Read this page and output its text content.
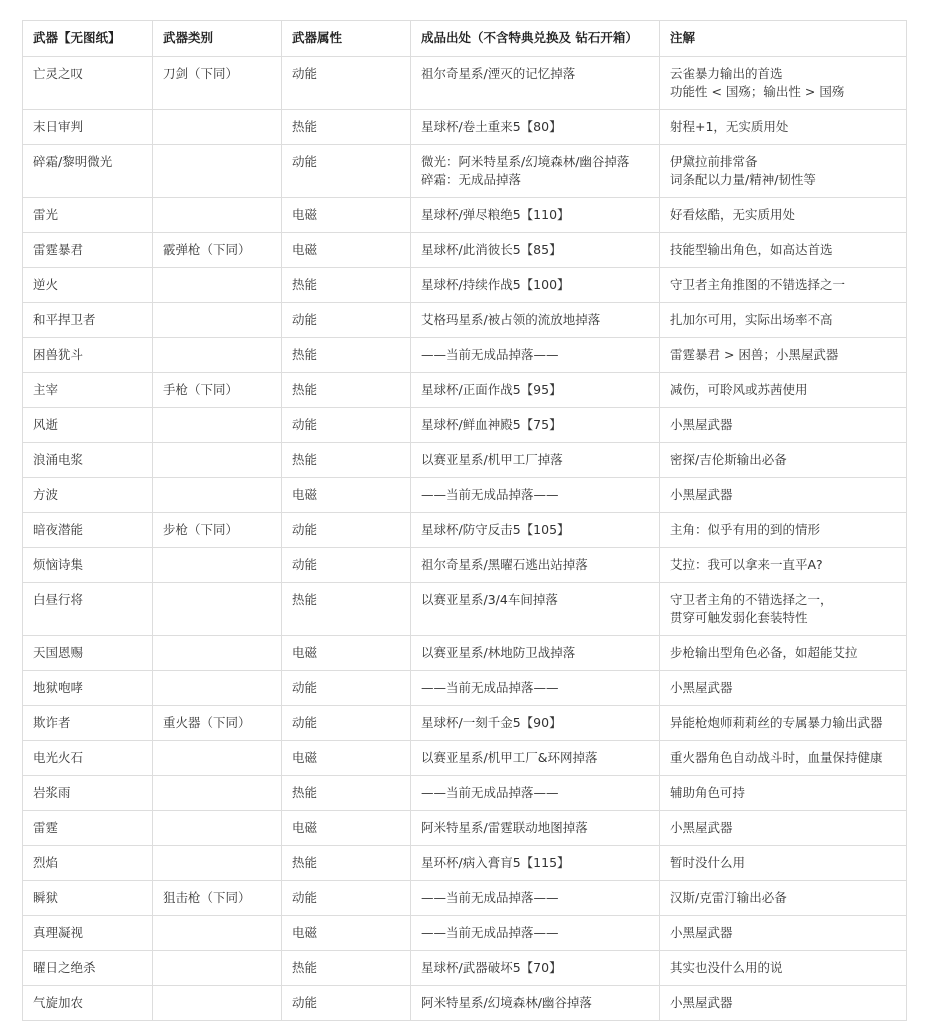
武器【无图纸】	武器类别	武器属性	成品出处（不含特典兑换及 钻石开箱）	注解
亡灵之叹	刀剑（下同）	动能	祖尔奇星系/湮灭的记忆掉落	云雀暴力输出的首选
功能性 < 国殇；输出性 > 国殇
末日审判		热能	星球杯/卷土重来5【80】	射程+1，无实质用处
碎霜/黎明微光		动能	微光：阿米特星系/幻境森林/幽谷掉落
碎霜：无成品掉落	伊黛拉前排常备
词条配以力量/精神/韧性等
雷光		电磁	星球杯/弹尽粮绝5【110】	好看炫酷，无实质用处
雷霆暴君	霰弹枪（下同）	电磁	星球杯/此消彼长5【85】	技能型输出角色，如高达首选
逆火		热能	星球杯/持续作战5【100】	守卫者主角推图的不错选择之一
和平捍卫者		动能	艾格玛星系/被占领的流放地掉落	扎加尔可用，实际出场率不高
困兽犹斗		热能	——当前无成品掉落——	雷霆暴君 > 困兽；小黑屋武器
主宰	手枪（下同）	热能	星球杯/正面作战5【95】	减伤，可聆风或苏茜使用
风逝		动能	星球杯/鲜血神殿5【75】	小黑屋武器
浪涌电浆		热能	以赛亚星系/机甲工厂掉落	密探/吉伦斯输出必备
方波		电磁	——当前无成品掉落——	小黑屋武器
暗夜潜能	步枪（下同）	动能	星球杯/防守反击5【105】	主角：似乎有用的到的情形
烦恼诗集		动能	祖尔奇星系/黑曜石逃出站掉落	艾拉：我可以拿来一直平A?
白昼行将		热能	以赛亚星系/3/4车间掉落	守卫者主角的不错选择之一，
贯穿可触发弱化套装特性
天国恩赐		电磁	以赛亚星系/林地防卫战掉落	步枪输出型角色必备，如超能艾拉
地狱咆哮		动能	——当前无成品掉落——	小黑屋武器
欺诈者	重火器（下同）	动能	星球杯/一刻千金5【90】	异能枪炮师莉莉丝的专属暴力输出武器
电光火石		电磁	以赛亚星系/机甲工厂&环网掉落	重火器角色自动战斗时，血量保持健康
岩浆雨		热能	——当前无成品掉落——	辅助角色可持
雷霆		电磁	阿米特星系/雷霆联动地图掉落	小黑屋武器
烈焰		热能	星环杯/病入膏肓5【115】	暂时没什么用
瞬狱	狙击枪（下同）	动能	——当前无成品掉落——	汉斯/克雷汀输出必备
真理凝视		电磁	——当前无成品掉落——	小黑屋武器
曜日之绝杀		热能	星球杯/武器破坏5【70】	其实也没什么用的说
气旋加农		动能	阿米特星系/幻境森林/幽谷掉落	小黑屋武器
